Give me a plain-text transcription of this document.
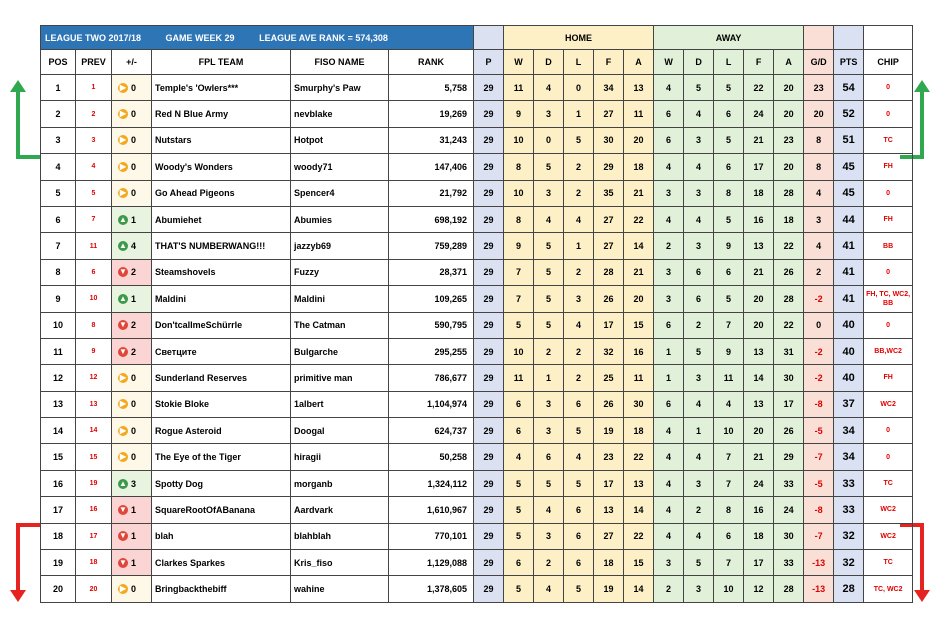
LEAGUE TWO 2017/18 GAME WEEK 29 LEAGUE AVE RANK = 574,308							HOME					AWAY							
POS	PREV	+/-	FPL TEAM	FISO NAME	RANK	P	W	D	L	F	A	W	D	L	F	A	G/D	PTS	CHIP
1	1	▶ 0	Temple's 'Owlers***	Smurphy's Paw	5,758	29	11	4	0	34	13	4	5	5	22	20	23	54	0
2	2	▶ 0	Red N Blue Army	nevblake	19,269	29	9	3	1	27	11	6	4	6	24	20	20	52	0
3	3	▶ 0	Nutstars	Hotpot	31,243	29	10	0	5	30	20	6	3	5	21	23	8	51	TC
4	4	▶ 0	Woody's Wonders	woody71	147,406	29	8	5	2	29	18	4	4	6	17	20	8	45	FH
5	5	▶ 0	Go Ahead Pigeons	Spencer4	21,792	29	10	3	2	35	21	3	3	8	18	28	4	45	0
6	7	▲ 1	Abumiehet	Abumies	698,192	29	8	4	4	27	22	4	4	5	16	18	3	44	FH
7	11	▲ 4	THAT'S NUMBERWANG!!!	jazzyb69	759,289	29	9	5	1	27	14	2	3	9	13	22	4	41	BB
8	6	▼ 2	Steamshovels	Fuzzy	28,371	29	7	5	2	28	21	3	6	6	21	26	2	41	0
9	10	▲ 1	Maldini	Maldini	109,265	29	7	5	3	26	20	3	6	5	20	28	-2	41	FH, TC, WC2, BB
10	8	▼ 2	Don'tcallmeSchürrle	The Catman	590,795	29	5	5	4	17	15	6	2	7	20	22	0	40	0
11	9	▼ 2	Светците	Bulgarche	295,255	29	10	2	2	32	16	1	5	9	13	31	-2	40	BB,WC2
12	12	▶ 0	Sunderland Reserves	primitive man	786,677	29	11	1	2	25	11	1	3	11	14	30	-2	40	FH
13	13	▶ 0	Stokie Bloke	1albert	1,104,974	29	6	3	6	26	30	6	4	4	13	17	-8	37	WC2
14	14	▶ 0	Rogue Asteroid	Doogal	624,737	29	6	3	5	19	18	4	1	10	20	26	-5	34	0
15	15	▶ 0	The Eye of the Tiger	hiragii	50,258	29	4	6	4	23	22	4	4	7	21	29	-7	34	0
16	19	▲ 3	Spotty Dog	morganb	1,324,112	29	5	5	5	17	13	4	3	7	24	33	-5	33	TC
17	16	▼ 1	SquareRootOfABanana	Aardvark	1,610,967	29	5	4	6	13	14	4	2	8	16	24	-8	33	WC2
18	17	▼ 1	blah	blahblah	770,101	29	5	3	6	27	22	4	4	6	18	30	-7	32	WC2
19	18	▼ 1	Clarkes Sparkes	Kris_fiso	1,129,088	29	6	2	6	18	15	3	5	7	17	33	-13	32	TC
20	20	▶ 0	Bringbackthebiff	wahine	1,378,605	29	5	4	5	19	14	2	3	10	12	28	-13	28	TC, WC2
